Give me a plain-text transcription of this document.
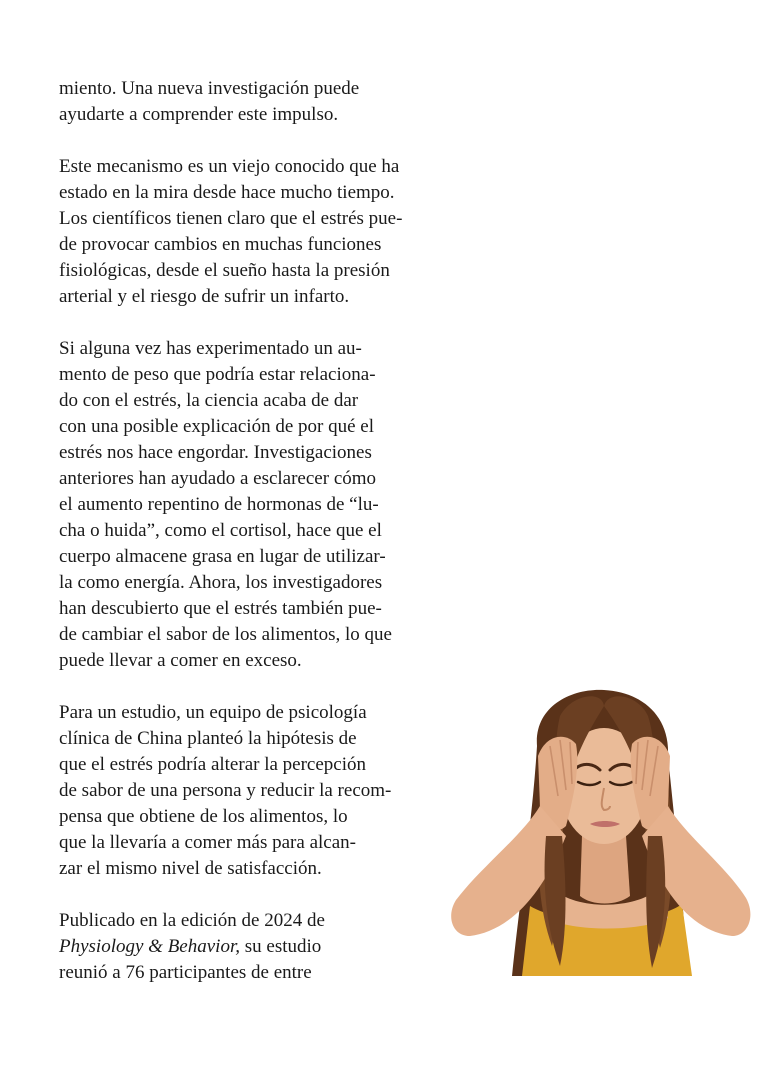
miento. Una nueva investigación puede
ayudarte a comprender este impulso.

Este mecanismo es un viejo conocido que ha
estado en la mira desde hace mucho tiempo.
Los científicos tienen claro que el estrés pue-
de provocar cambios en muchas funciones
fisiológicas, desde el sueño hasta la presión
arterial y el riesgo de sufrir un infarto.

Si alguna vez has experimentado un au-
mento de peso que podría estar relaciona-
do con el estrés, la ciencia acaba de dar
con una posible explicación de por qué el
estrés nos hace engordar. Investigaciones
anteriores han ayudado a esclarecer cómo
el aumento repentino de hormonas de “lu-
cha o huida”, como el cortisol, hace que el
cuerpo almacene grasa en lugar de utilizar-
la como energía. Ahora, los investigadores
han descubierto que el estrés también pue-
de cambiar el sabor de los alimentos, lo que
puede llevar a comer en exceso.

Para un estudio, un equipo de psicología
clínica de China planteó la hipótesis de
que el estrés podría alterar la percepción
de sabor de una persona y reducir la recom-
pensa que obtiene de los alimentos, lo
que la llevaría a comer más para alcan-
zar el mismo nivel de satisfacción.

Publicado en la edición de 2024 de
Physiology & Behavior, su estudio
reunió a 76 participantes de entre
